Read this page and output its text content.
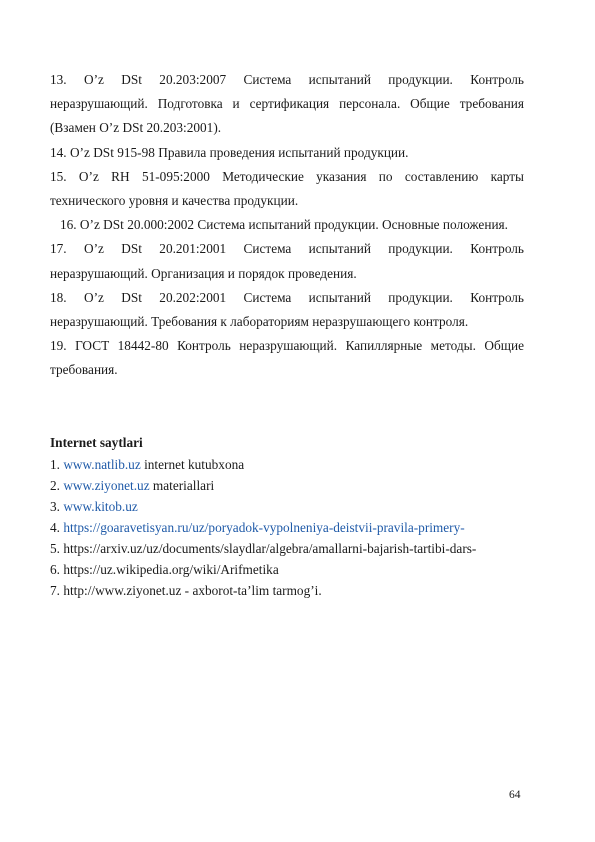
13. O’z DSt 20.203:2007 Система испытаний продукции. Контроль неразрушающий. Подготовка и сертификация персонала. Общие требования (Взамен O’z DSt 20.203:2001).

14. O’z DSt 915-98 Правила проведения испытаний продукции.

15. O’z RH 51-095:2000 Методические указания по составлению карты технического уровня и качества продукции.

16. O’z DSt 20.000:2002 Система испытаний продукции. Основные положения.

17. O’z DSt 20.201:2001 Система испытаний продукции. Контроль неразрушающий. Организация и порядок проведения.

18. O’z DSt 20.202:2001 Система испытаний продукции. Контроль неразрушающий. Требования к лабораториям неразрушающего контроля.

19. ГОСТ 18442-80 Контроль неразрушающий. Капиллярные методы. Общие требования.

Internet saytlari

1. www.natlib.uz internet kutubxona

2. www.ziyonet.uz materiallari

3. www.kitob.uz

4. https://goaravetisyan.ru/uz/poryadok-vypolneniya-deistvii-pravila-primery-

5. https://arxiv.uz/uz/documents/slaydlar/algebra/amallarni-bajarish-tartibi-dars-

6. https://uz.wikipedia.org/wiki/Arifmetika

7. http://www.ziyonet.uz - axborot-ta’lim tarmog’i.

64
